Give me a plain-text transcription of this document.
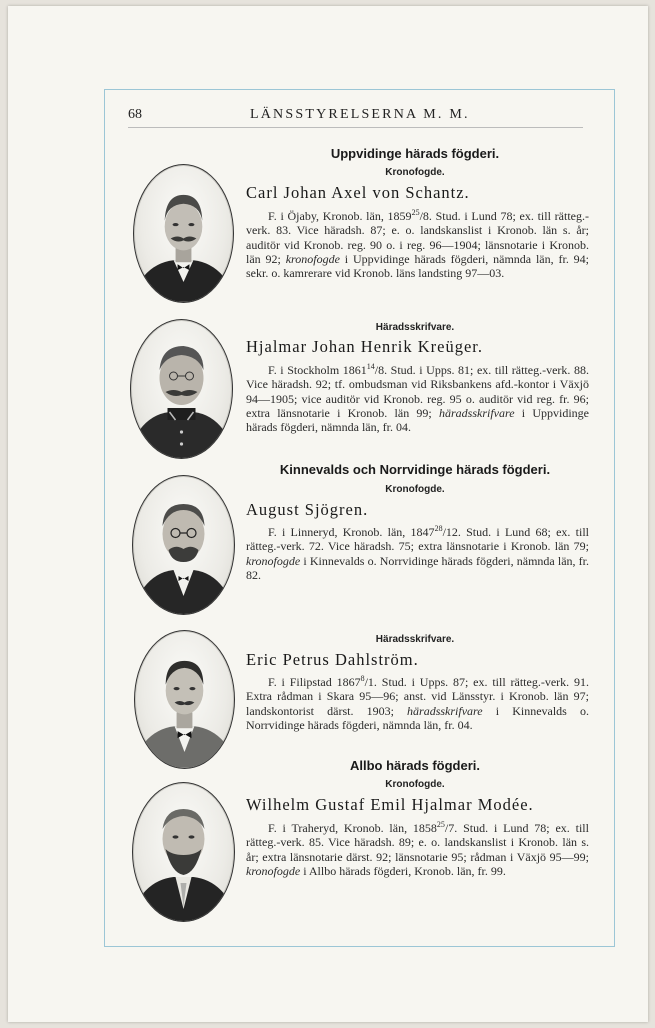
68	LÄNSSTYRELSERNA M. M.
Uppvidinge härads fögderi.
Kronofogde.
Carl Johan Axel von Schantz.
F. i Öjaby, Kronob. län, 1859$^{25}$/8. Stud. i Lund 78; ex. till rätteg.-verk. 83. Vice häradsh. 87; e. o. landskanslist i Kronob. län s. år; auditör vid Kronob. reg. 90 o. i reg. 96—1904; länsnotarie i Kronob. län 92; kronofogde i Uppvidinge härads fögderi, nämnda län, fr. 94; sekr. o. kamrerare vid Kronob. läns landsting 97—03.
Häradsskrifvare.
Hjalmar Johan Henrik Kreüger.
F. i Stockholm 1861$^{14}$/8. Stud. i Upps. 81; ex. till rätteg.-verk. 88. Vice häradsh. 92; tf. ombudsman vid Riksbankens afd.-kontor i Växjö 94—1905; vice auditör vid Kronob. reg. 95 o. auditör vid reg. fr. 96; extra länsnotarie i Kronob. län 99; häradsskrifvare i Uppvidinge härads fögderi, nämnda län, fr. 04.
Kinnevalds och Norrvidinge härads fögderi.
Kronofogde.
August Sjögren.
F. i Linneryd, Kronob. län, 1847$^{28}$/12. Stud. i Lund 68; ex. till rätteg.-verk. 72. Vice häradsh. 75; extra länsnotarie i Kronob. län 79; kronofogde i Kinnevalds o. Norrvidinge härads fögderi, nämnda län, fr. 82.
Häradsskrifvare.
Eric Petrus Dahlström.
F. i Filipstad 1867$^8$/1. Stud. i Upps. 87; ex. till rätteg.-verk. 91. Extra rådman i Skara 95—96; anst. vid Länsstyr. i Kronob. län 97; landskontorist därst. 1903; häradsskrifvare i Kinnevalds o. Norrvidinge härads fögderi, nämnda län, fr. 04.
Allbo härads fögderi.
Kronofogde.
Wilhelm Gustaf Emil Hjalmar Modée.
F. i Traheryd, Kronob. län, 1858$^{25}$/7. Stud. i Lund 78; ex. till rätteg.-verk. 85. Vice häradsh. 89; e. o. landskanslist i Kronob. län s. år; extra länsnotarie därst. 92; länsnotarie 95; rådman i Växjö 95—99; kronofogde i Allbo härads fögderi, Kronob. län, fr. 99.
